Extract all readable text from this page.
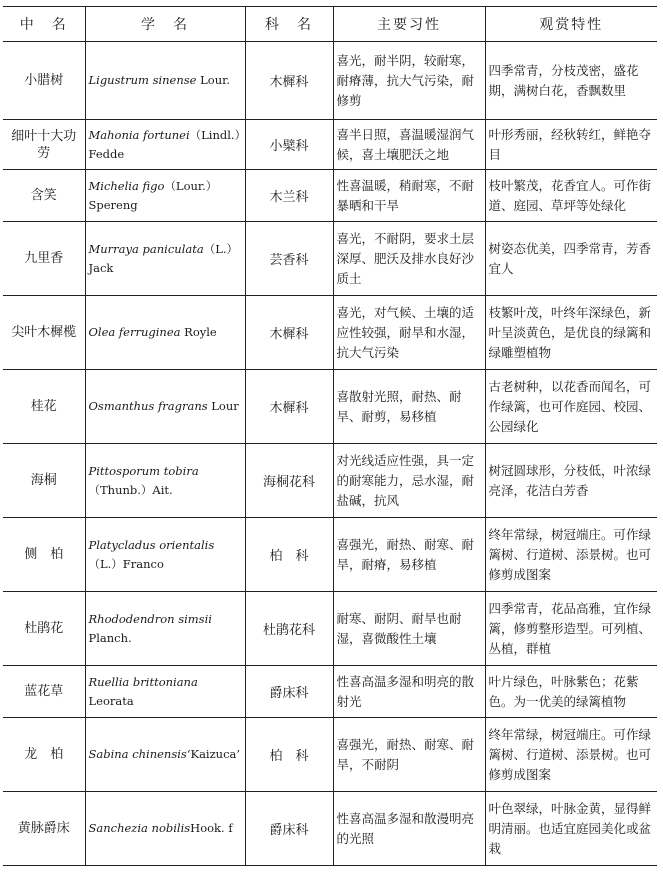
中　名	学　名	科　名	主要习性	观赏特性
小腊树	Ligustrum sinense Lour.	木樨科	喜光，耐半阴，较耐寒，耐瘠薄，抗大气污染，耐修剪	四季常青，分枝茂密，盛花期，满树白花，香飘数里
细叶十大功劳	Mahonia fortunei（Lindl.）Fedde	小檗科	喜半日照，喜温暖湿润气候，喜土壤肥沃之地	叶形秀丽，经秋转红，鲜艳夺目
含笑	Michelia figo（Lour.）Spereng	木兰科	性喜温暖，稍耐寒，不耐暴晒和干旱	枝叶繁茂，花香宜人。可作街道、庭园、草坪等处绿化
九里香	Murraya paniculata（L.）Jack	芸香科	喜光，不耐阴，要求土层深厚、肥沃及排水良好沙质土	树姿态优美，四季常青，芳香宜人
尖叶木樨榄	Olea ferruginea Royle	木樨科	喜光，对气候、土壤的适应性较强，耐旱和水湿，抗大气污染	枝繁叶茂，叶终年深绿色，新叶呈淡黄色，是优良的绿篱和绿雕塑植物
桂花	Osmanthus fragrans Lour	木樨科	喜散射光照，耐热、耐旱、耐剪，易移植	古老树种，以花香而闻名，可作绿篱，也可作庭园、校园、公园绿化
海桐	Pittosporum tobira（Thunb.）Ait.	海桐花科	对光线适应性强，具一定的耐寒能力，忌水湿，耐盐碱，抗风	树冠圆球形，分枝低，叶浓绿亮泽，花洁白芳香
侧　柏	Platycladus orientalis（L.）Franco	柏　科	喜强光，耐热、耐寒、耐旱，耐瘠，易移植	终年常绿，树冠端庄。可作绿篱树、行道树、添景树。也可修剪成图案
杜鹃花	Rhododendron simsii Planch.	杜鹃花科	耐寒、耐阴、耐旱也耐湿，喜微酸性土壤	四季常青，花品高雅，宜作绿篱，修剪整形造型。可列植、丛植，群植
蓝花草	Ruellia brittoniana Leorata	爵床科	性喜高温多湿和明亮的散射光	叶片绿色，叶脉紫色；花紫色。为一优美的绿篱植物
龙　柏	Sabina chinensis‘Kaizuca’	柏　科	喜强光，耐热、耐寒、耐旱，不耐阴	终年常绿，树冠端庄。可作绿篱树、行道树、添景树。也可修剪成图案
黄脉爵床	Sanchezia nobilisHook. f	爵床科	性喜高温多湿和散漫明亮的光照	叶色翠绿，叶脉金黄，显得鲜明清丽。也适宜庭园美化或盆栽
